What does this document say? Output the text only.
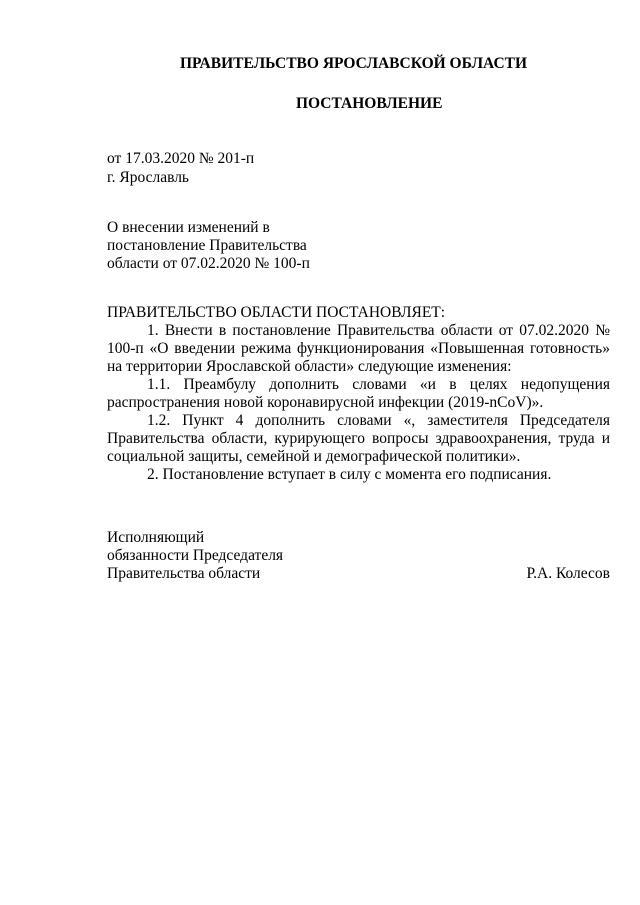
ПРАВИТЕЛЬСТВО ЯРОСЛАВСКОЙ ОБЛАСТИ
ПОСТАНОВЛЕНИЕ
от 17.03.2020 № 201-п
г. Ярославль
О внесении изменений в
постановление Правительства
области от 07.02.2020 № 100-п
ПРАВИТЕЛЬСТВО ОБЛАСТИ ПОСТАНОВЛЯЕТ:

1. Внести в постановление Правительства области от 07.02.2020 № 100-п «О введении режима функционирования «Повышенная готовность» на территории Ярославской области» следующие изменения:

1.1. Преамбулу дополнить словами «и в целях недопущения распространения новой коронавирусной инфекции (2019-nCoV)».

1.2. Пункт 4 дополнить словами «, заместителя Председателя Правительства области, курирующего вопросы здравоохранения, труда и социальной защиты, семейной и демографической политики».

2. Постановление вступает в силу с момента его подписания.

Исполняющий
обязанности Председателя
Правительства области	Р.А. Колесов
